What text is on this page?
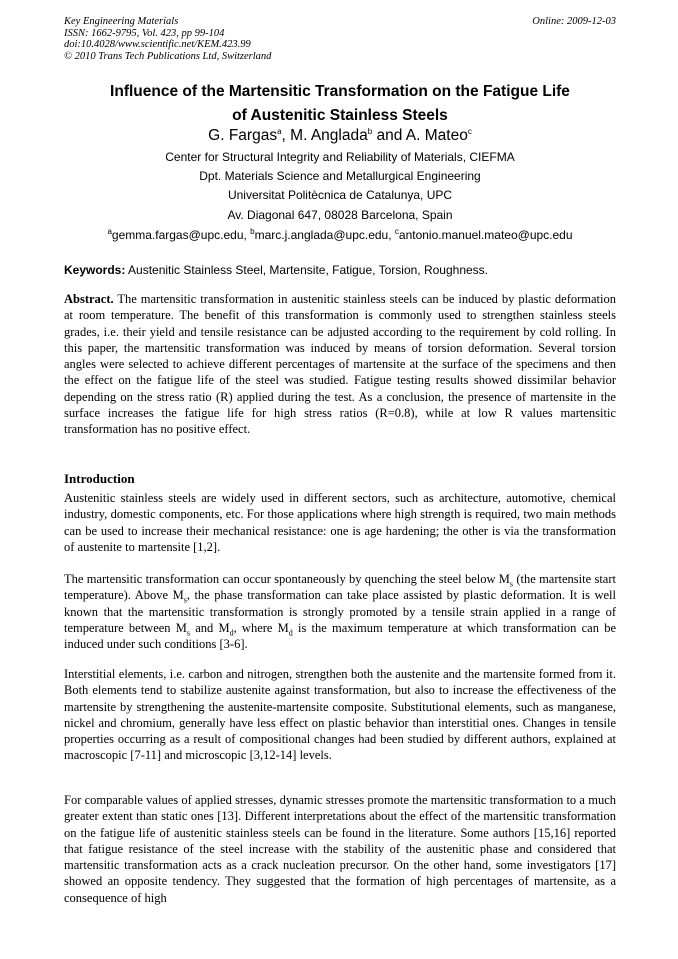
Key Engineering Materials
ISSN: 1662-9795, Vol. 423, pp 99-104
doi:10.4028/www.scientific.net/KEM.423.99
© 2010 Trans Tech Publications Ltd, Switzerland
Online: 2009-12-03
Influence of the Martensitic Transformation on the Fatigue Life
of Austenitic Stainless Steels
G. Fargas$^a$, M. Anglada$^b$ and A. Mateo$^c$
Center for Structural Integrity and Reliability of Materials, CIEFMA
Dpt. Materials Science and Metallurgical Engineering
Universitat Politècnica de Catalunya, UPC
Av. Diagonal 647, 08028 Barcelona, Spain
$^a$gemma.fargas@upc.edu, $^b$marc.j.anglada@upc.edu, $^c$antonio.manuel.mateo@upc.edu
Keywords: Austenitic Stainless Steel, Martensite, Fatigue, Torsion, Roughness.
Abstract. The martensitic transformation in austenitic stainless steels can be induced by plastic deformation at room temperature. The benefit of this transformation is commonly used to strengthen stainless steels grades, i.e. their yield and tensile resistance can be adjusted according to the requirement by cold rolling. In this paper, the martensitic transformation was induced by means of torsion deformation. Several torsion angles were selected to achieve different percentages of martensite at the surface of the specimens and then the effect on the fatigue life of the steel was studied. Fatigue testing results showed dissimilar behavior depending on the stress ratio (R) applied during the test. As a conclusion, the presence of martensite in the surface increases the fatigue life for high stress ratios (R=0.8), while at low R values martensitic transformation has no positive effect.
Introduction
Austenitic stainless steels are widely used in different sectors, such as architecture, automotive, chemical industry, domestic components, etc. For those applications where high strength is required, two main methods can be used to increase their mechanical resistance: one is age hardening; the other is via the transformation of austenite to martensite [1,2].
The martensitic transformation can occur spontaneously by quenching the steel below $M_s$ (the martensite start temperature). Above $M_s$, the phase transformation can take place assisted by plastic deformation. It is well known that the martensitic transformation is strongly promoted by a tensile strain applied in a range of temperature between $M_s$ and $M_d$, where $M_d$ is the maximum temperature at which transformation can be induced under such conditions [3-6].
Interstitial elements, i.e. carbon and nitrogen, strengthen both the austenite and the martensite formed from it. Both elements tend to stabilize austenite against transformation, but also to increase the effectiveness of the martensite by strengthening the austenite-martensite composite. Substitutional elements, such as manganese, nickel and chromium, generally have less effect on plastic behavior than interstitial ones. Changes in tensile properties occurring as a result of compositional changes had been studied by different authors, explained at macroscopic [7-11] and microscopic [3,12-14] levels.
For comparable values of applied stresses, dynamic stresses promote the martensitic transformation to a much greater extent than static ones [13]. Different interpretations about the effect of the martensitic transformation on the fatigue life of austenitic stainless steels can be found in the literature. Some authors [15,16] reported that fatigue resistance of the steel increase with the stability of the austenitic phase and considered that martensitic transformation acts as a crack nucleation precursor. On the other hand, some investigators [17] showed an opposite tendency. They suggested that the formation of high percentages of martensite, as a consequence of high
